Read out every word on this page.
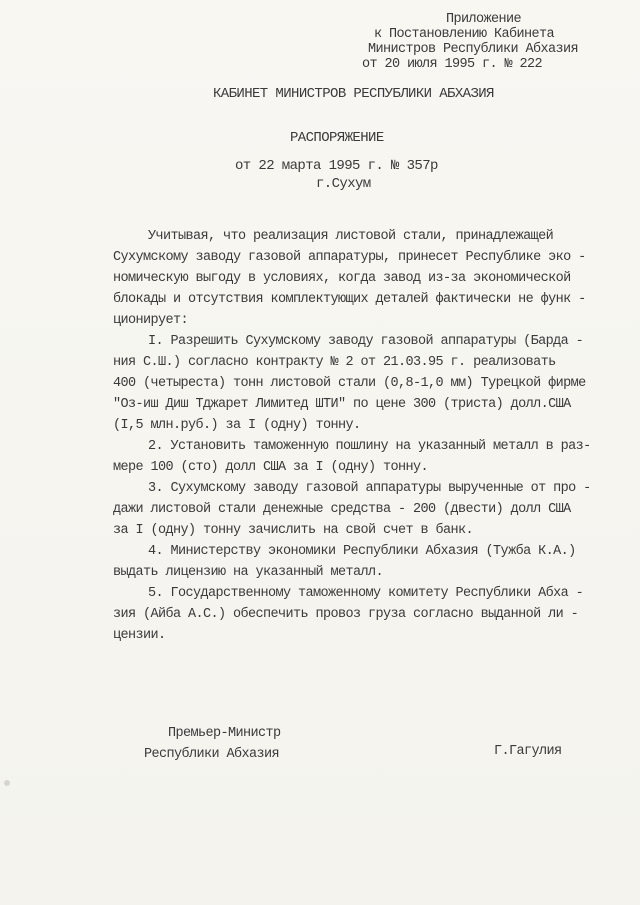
Приложение
к Постановлению Кабинета
Министров Республики Абхазия
от 20 июля 1995 г. № 222
КАБИНЕТ МИНИСТРОВ РЕСПУБЛИКИ АБХАЗИЯ
РАСПОРЯЖЕНИЕ
от 22 марта 1995 г. № 357р
г.Сухум
Учитывая, что реализация листовой стали, принадлежащей
Сухумскому заводу газовой аппаратуры, принесет Республике эко -
номическую выгоду в условиях, когда завод из-за экономической
блокады и отсутствия комплектующих деталей фактически не функ -
ционирует:
I. Разрешить Сухумскому заводу газовой аппаратуры (Барда -
ния С.Ш.) согласно контракту № 2 от 21.03.95 г. реализовать
400 (четыреста) тонн листовой стали (0,8-1,0 мм) Турецкой фирме
"Оз-иш Диш Тджарет Лимитед ШТИ" по цене 300 (триста) долл.США
(I,5 млн.руб.) за I (одну) тонну.
2. Установить таможенную пошлину на указанный металл в раз-
мере 100 (сто) долл США за I (одну) тонну.
3. Сухумскому заводу газовой аппаратуры вырученные от про -
дажи листовой стали денежные средства - 200 (двести) долл США
за I (одну) тонну зачислить на свой счет в банк.
4. Министерству экономики Республики Абхазия (Тужба К.А.)
выдать лицензию на указанный металл.
5. Государственному таможенному комитету Республики Абха -
зия (Айба А.С.) обеспечить провоз груза согласно выданной ли -
цензии.
Премьер-Министр
Республики Абхазия	Г.Гагулия
